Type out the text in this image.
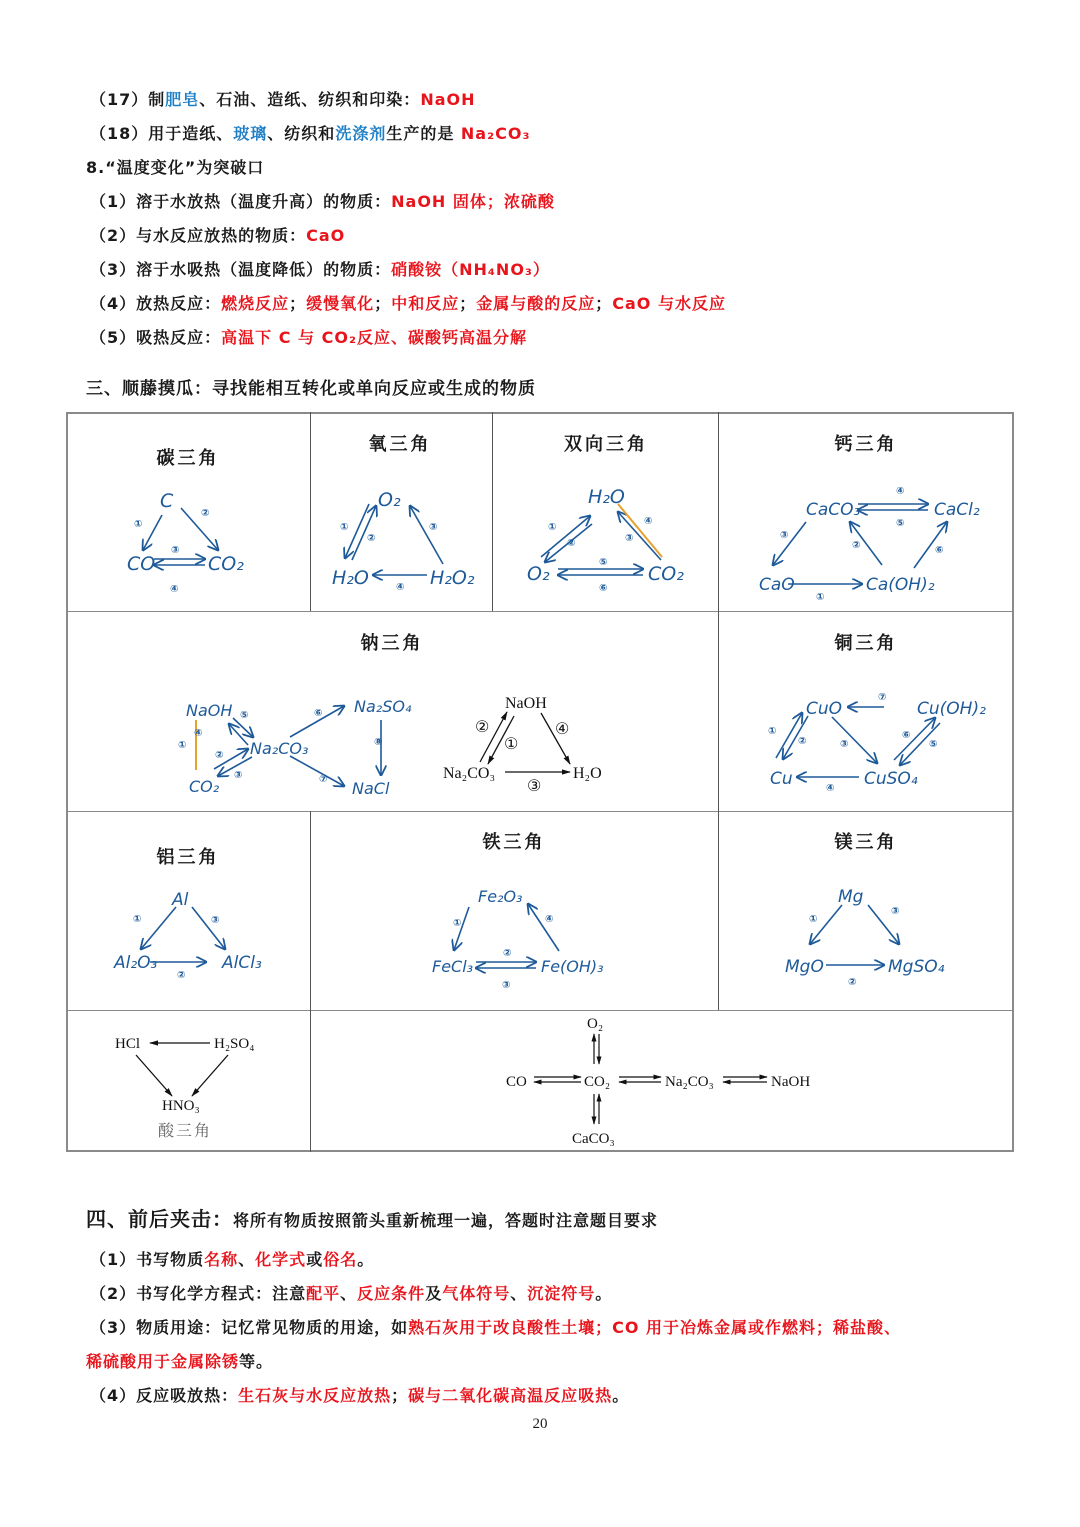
（17）制肥皂、石油、造纸、纺织和印染：NaOH
（18）用于造纸、玻璃、纺织和洗涤剂生产的是 Na₂CO₃
8.“温度变化”为突破口
（1）溶于水放热（温度升高）的物质：NaOH 固体；浓硫酸
（2）与水反应放热的物质：CaO
（3）溶于水吸热（温度降低）的物质：硝酸铵（NH₄NO₃）
（4）放热反应：燃烧反应；缓慢氧化；中和反应；金属与酸的反应；CaO 与水反应
（5）吸热反应：高温下 C 与 CO₂反应、碳酸钙高温分解
三、顺藤摸瓜：寻找能相互转化或单向反应或生成的物质
碳三角
氧三角	双向三角	钙三角
钠三角	铜三角
铝三角
铁三角	镁三角
C
CO	CO₂
O₂
H₂O	H₂O₂
H₂O
O₂	CO₂
CaCO₃	CaCl₂
CaO	Ca(OH)₂
NaOH
CO₂
Na₂CO₃
Na₂SO₄
NaCl
CuO	Cu(OH)₂
Cu	CuSO₄
Al
Al₂O₃	AlCl₃
Fe₂O₃
FeCl₃	Fe(OH)₃
Mg
MgO	MgSO₄
①
②
③
④
①
②
③
④
①
②	③
④
⑤
⑥
①
②
③
④
⑤
⑥
①
②
③
④
⑤	⑥
⑦
⑧
①
②	③
④
⑤
⑥
⑦
①
②
③	①
②
③
④	①
②
③
NaOH
Na₂CO₃	H₂O
②
①
④
③
HCl	H₂SO₄
HNO₃
酸三角
O₂
CO	CO₂	Na₂CO₃	NaOH
CaCO₃
四、前后夹击：将所有物质按照箭头重新梳理一遍，答题时注意题目要求
（1）书写物质名称、化学式或俗名。
（2）书写化学方程式：注意配平、反应条件及气体符号、沉淀符号。
（3）物质用途：记忆常见物质的用途，如熟石灰用于改良酸性土壤；CO 用于冶炼金属或作燃料；稀盐酸、
稀硫酸用于金属除锈等。
（4）反应吸放热：生石灰与水反应放热；碳与二氧化碳高温反应吸热。
20
